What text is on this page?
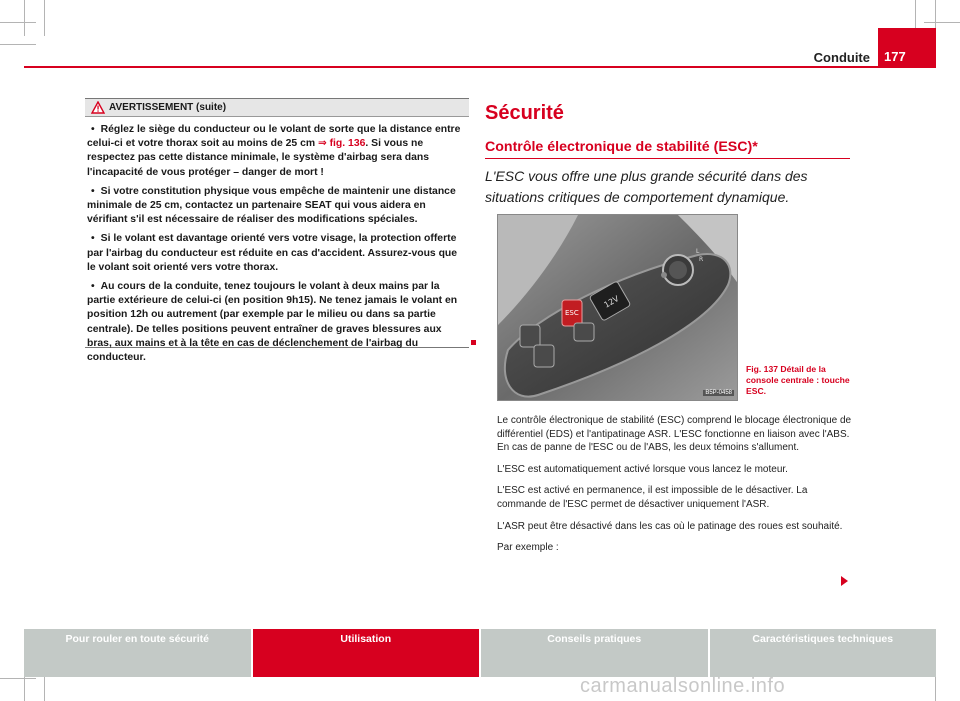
Conduite	177
AVERTISSEMENT (suite)

• Réglez le siège du conducteur ou le volant de sorte que la distance entre celui-ci et votre thorax soit au moins de 25 cm ⇒ fig. 136. Si vous ne respectez pas cette distance minimale, le système d'airbag sera dans l'incapacité de vous protéger – danger de mort !

• Si votre constitution physique vous empêche de maintenir une distance minimale de 25 cm, contactez un partenaire SEAT qui vous aidera en vérifiant s'il est nécessaire de réaliser des modifications spéciales.

• Si le volant est davantage orienté vers votre visage, la protection offerte par l'airbag du conducteur est réduite en cas d'accident. Assurez-vous que le volant soit orienté vers votre thorax.

• Au cours de la conduite, tenez toujours le volant à deux mains par la partie extérieure de celui-ci (en position 9h15). Ne tenez jamais le volant en position 12h ou autrement (par exemple par le milieu ou dans sa partie centrale). De telles positions peuvent entraîner de graves blessures aux bras, aux mains et à la tête en cas de déclenchement de l'airbag du conducteur.

Sécurité
Contrôle électronique de stabilité (ESC)*
L'ESC vous offre une plus grande sécurité dans des situations critiques de comportement dynamique.
L
R
12V
ESC
B5P-0458
Fig. 137 Détail de la console centrale : touche ESC.

Le contrôle électronique de stabilité (ESC) comprend le blocage électronique de différentiel (EDS) et l'antipatinage ASR. L'ESC fonctionne en liaison avec l'ABS. En cas de panne de l'ESC ou de l'ABS, les deux témoins s'allument.

L'ESC est automatiquement activé lorsque vous lancez le moteur.

L'ESC est activé en permanence, il est impossible de le désactiver. La commande de l'ESC permet de désactiver uniquement l'ASR.

L'ASR peut être désactivé dans les cas où le patinage des roues est souhaité.

Par exemple :

Pour rouler en toute sécurité	Utilisation	Conseils pratiques	Caractéristiques techniques
carmanualsonline.info
